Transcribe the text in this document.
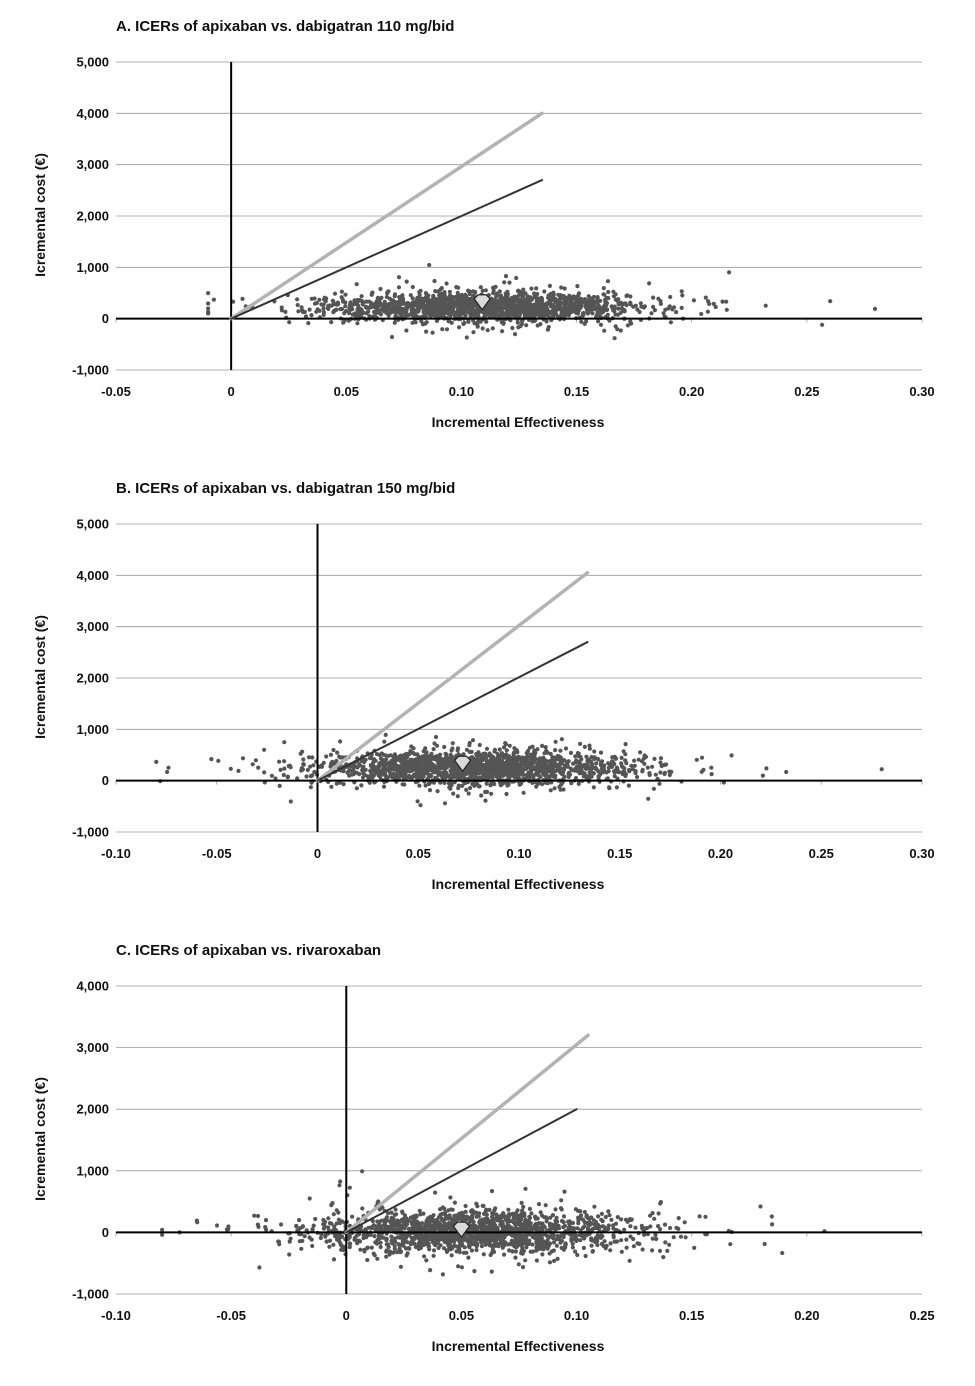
A. ICERs of apixaban vs. dabigatran 110 mg/bid
-1,000
0
1,000
2,000
3,000
4,000
5,000
-0.05	0	0.05	0.10	0.15	0.20	0.25	0.30
Icremental cost (€)
Incremental Effectiveness
B. ICERs of apixaban vs. dabigatran 150 mg/bid
-1,000
0
1,000
2,000
3,000
4,000
5,000
-0.10	-0.05	0	0.05	0.10	0.15	0.20	0.25	0.30
Icremental cost (€)
Incremental Effectiveness
C. ICERs of apixaban vs. rivaroxaban
-1,000
0
1,000
2,000
3,000
4,000
-0.10	-0.05	0	0.05	0.10	0.15	0.20	0.25
Icremental cost (€)
Incremental Effectiveness
